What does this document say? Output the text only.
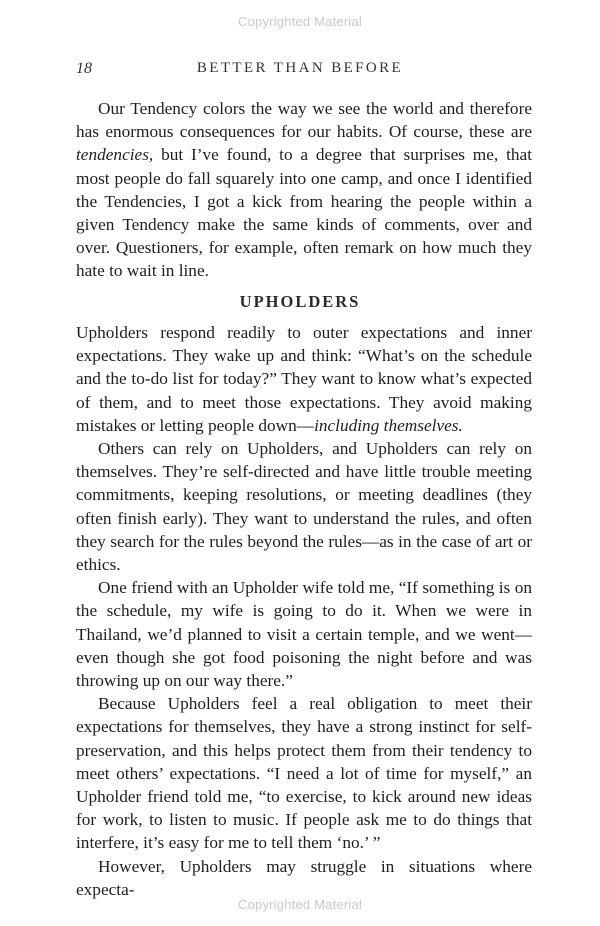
Copyrighted Material
18	BETTER THAN BEFORE

Our Tendency colors the way we see the world and therefore has enormous consequences for our habits. Of course, these are tendencies, but I’ve found, to a degree that surprises me, that most people do fall squarely into one camp, and once I identified the Tendencies, I got a kick from hearing the people within a given Tendency make the same kinds of comments, over and over. Questioners, for example, often remark on how much they hate to wait in line.

UPHOLDERS

Upholders respond readily to outer expectations and inner expectations. They wake up and think: “What’s on the schedule and the to-do list for today?” They want to know what’s expected of them, and to meet those expectations. They avoid making mistakes or letting people down—including themselves.

Others can rely on Upholders, and Upholders can rely on themselves. They’re self-directed and have little trouble meeting commitments, keeping resolutions, or meeting deadlines (they often finish early). They want to understand the rules, and often they search for the rules beyond the rules—as in the case of art or ethics.

One friend with an Upholder wife told me, “If something is on the schedule, my wife is going to do it. When we were in Thailand, we’d planned to visit a certain temple, and we went—even though she got food poisoning the night before and was throwing up on our way there.”

Because Upholders feel a real obligation to meet their expectations for themselves, they have a strong instinct for self-preservation, and this helps protect them from their tendency to meet others’ expectations. “I need a lot of time for myself,” an Upholder friend told me, “to exercise, to kick around new ideas for work, to listen to music. If people ask me to do things that interfere, it’s easy for me to tell them ‘no.’ ”

However, Upholders may struggle in situations where expecta-

Copyrighted Material
